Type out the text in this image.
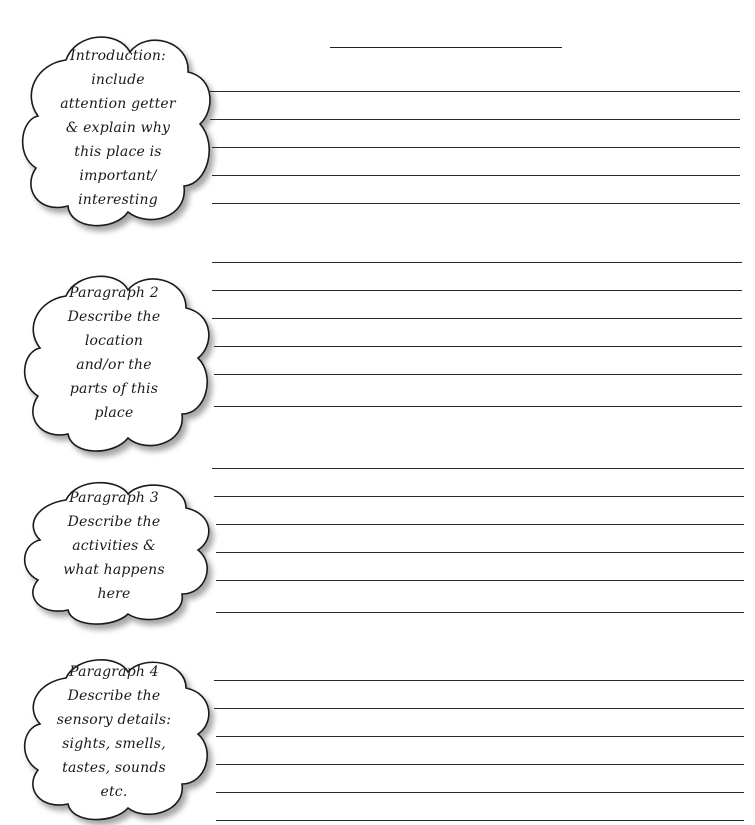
Introduction:
include
attention getter
& explain why
this place is
important/
interesting
Paragraph 2
Describe the
location
and/or the
parts of this
place
Paragraph 3
Describe the
activities &
what happens
here
Paragraph 4
Describe the
sensory details:
sights, smells,
tastes, sounds
etc.
